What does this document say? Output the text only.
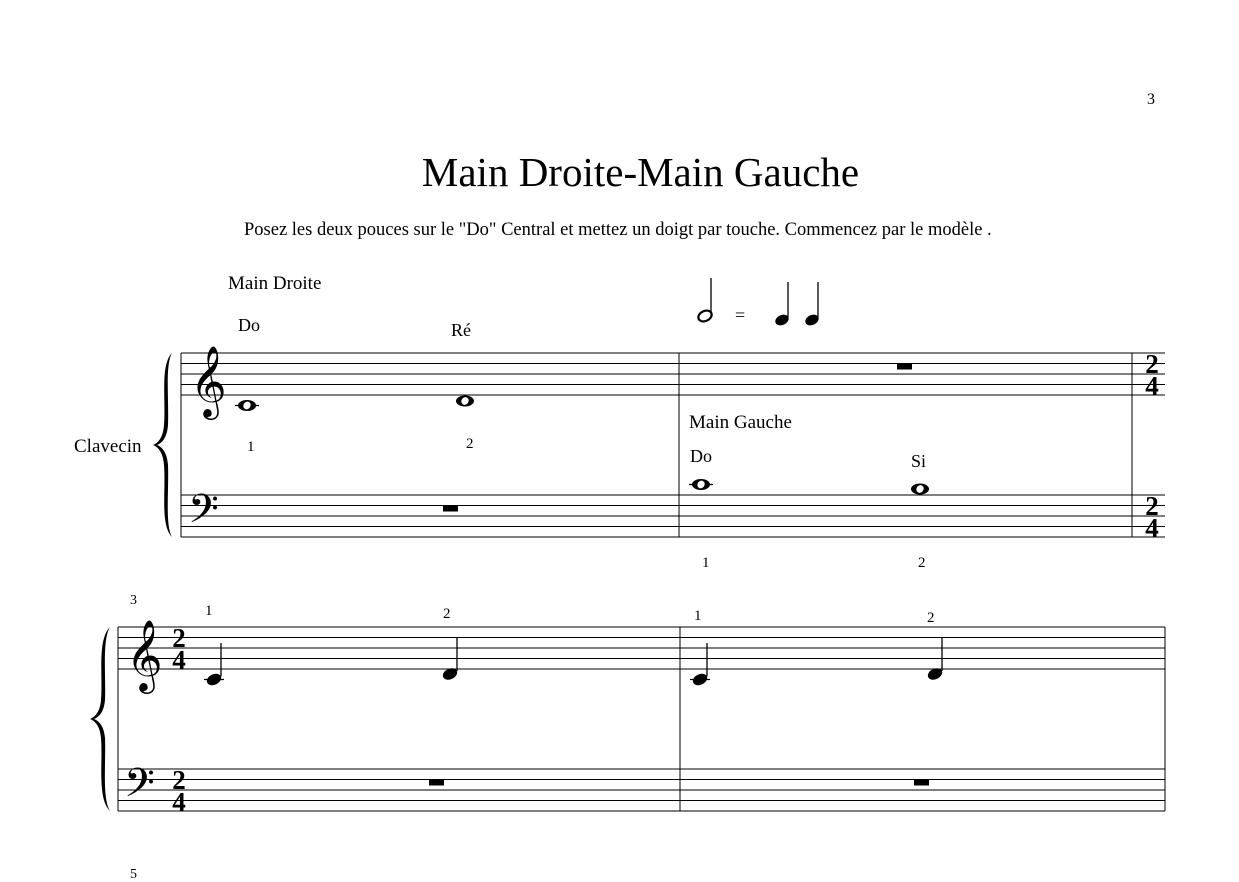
3
Main Droite-Main Gauche
Posez les deux pouces sur le "Do" Central et mettez un doigt par touche. Commencez par le modèle .
Clavecin
3
5
𝄞
𝄢
𝄞
𝄢
2
4
2
4
2
4
2
4
Main Droite
Main Gauche
Do	Ré
Do	Si
1	2
1	2
1	2	1	2
=
